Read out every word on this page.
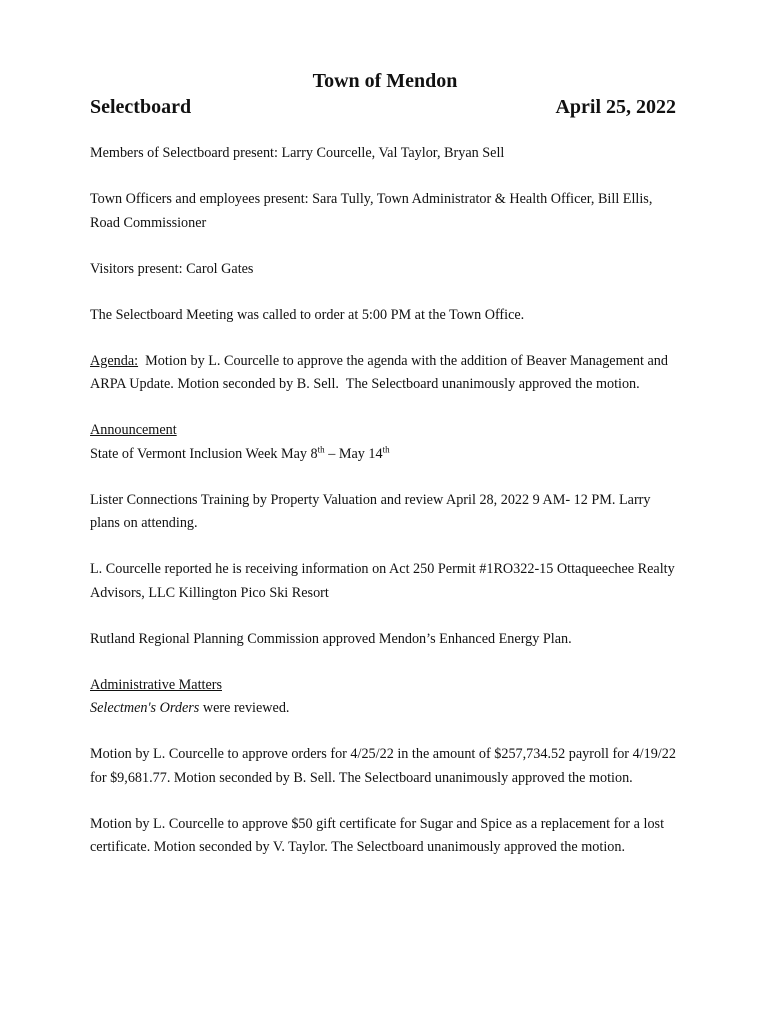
Town of Mendon
Selectboard	April 25, 2022

Members of Selectboard present: Larry Courcelle, Val Taylor, Bryan Sell

Town Officers and employees present: Sara Tully, Town Administrator & Health Officer, Bill Ellis, Road Commissioner

Visitors present: Carol Gates

The Selectboard Meeting was called to order at 5:00 PM at the Town Office.

Agenda:  Motion by L. Courcelle to approve the agenda with the addition of Beaver Management and ARPA Update. Motion seconded by B. Sell.  The Selectboard unanimously approved the motion.

Announcement

State of Vermont Inclusion Week May 8th – May 14th

Lister Connections Training by Property Valuation and review April 28, 2022 9 AM- 12 PM. Larry plans on attending.

L. Courcelle reported he is receiving information on Act 250 Permit #1RO322-15 Ottaqueechee Realty Advisors, LLC Killington Pico Ski Resort

Rutland Regional Planning Commission approved Mendon’s Enhanced Energy Plan.

Administrative Matters

Selectmen's Orders were reviewed.

Motion by L. Courcelle to approve orders for 4/25/22 in the amount of $257,734.52 payroll for 4/19/22 for $9,681.77. Motion seconded by B. Sell. The Selectboard unanimously approved the motion.

Motion by L. Courcelle to approve $50 gift certificate for Sugar and Spice as a replacement for a lost certificate. Motion seconded by V. Taylor. The Selectboard unanimously approved the motion.
